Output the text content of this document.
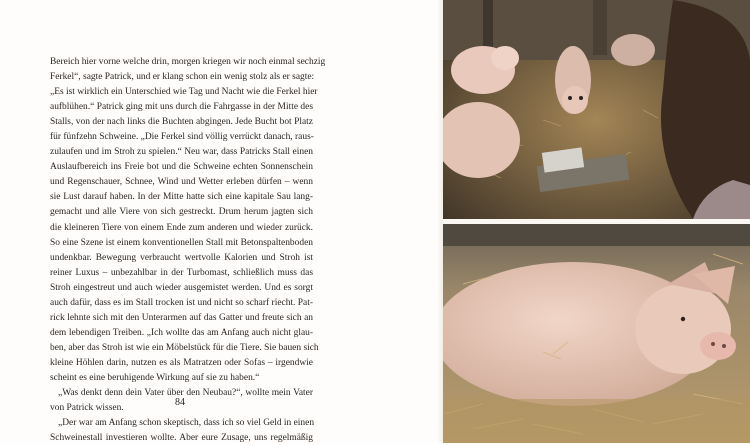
Bereich hier vorne welche drin, morgen kriegen wir noch einmal sechzig
Ferkel“, sagte Patrick, und er klang schon ein wenig stolz als er sagte:
„Es ist wirklich ein Unterschied wie Tag und Nacht wie die Ferkel hier
aufblühen.“ Patrick ging mit uns durch die Fahrgasse in der Mitte des
Stalls, von der nach links die Buchten abgingen. Jede Bucht bot Platz
für fünfzehn Schweine. „Die Ferkel sind völlig verrückt danach, raus-
zulaufen und im Stroh zu spielen.“ Neu war, dass Patricks Stall einen
Auslaufbereich ins Freie bot und die Schweine echten Sonnenschein
und Regenschauer, Schnee, Wind und Wetter erleben dürfen – wenn
sie Lust darauf haben. In der Mitte hatte sich eine kapitale Sau lang-
gemacht und alle Viere von sich gestreckt. Drum herum jagten sich
die kleineren Tiere von einem Ende zum anderen und wieder zurück.
So eine Szene ist einem konventionellen Stall mit Betonspaltenboden
undenkbar. Bewegung verbraucht wertvolle Kalorien und Stroh ist
reiner Luxus – unbezahlbar in der Turbomast, schließlich muss das
Stroh eingestreut und auch wieder ausgemistet werden. Und es sorgt
auch dafür, dass es im Stall trocken ist und nicht so scharf riecht. Pat-
rick lehnte sich mit den Unterarmen auf das Gatter und freute sich an
dem lebendigen Treiben. „Ich wollte das am Anfang auch nicht glau-
ben, aber das Stroh ist wie ein Möbelstück für die Tiere. Sie bauen sich
kleine Höhlen darin, nutzen es als Matratzen oder Sofas – irgendwie
scheint es eine beruhigende Wirkung auf sie zu haben.“
„Was denkt denn dein Vater über den Neubau?“, wollte mein Vater
von Patrick wissen.
„Der war am Anfang schon skeptisch, dass ich so viel Geld in einen
Schweinestall investieren wollte. Aber eure Zusage, uns regelmäßig
84
